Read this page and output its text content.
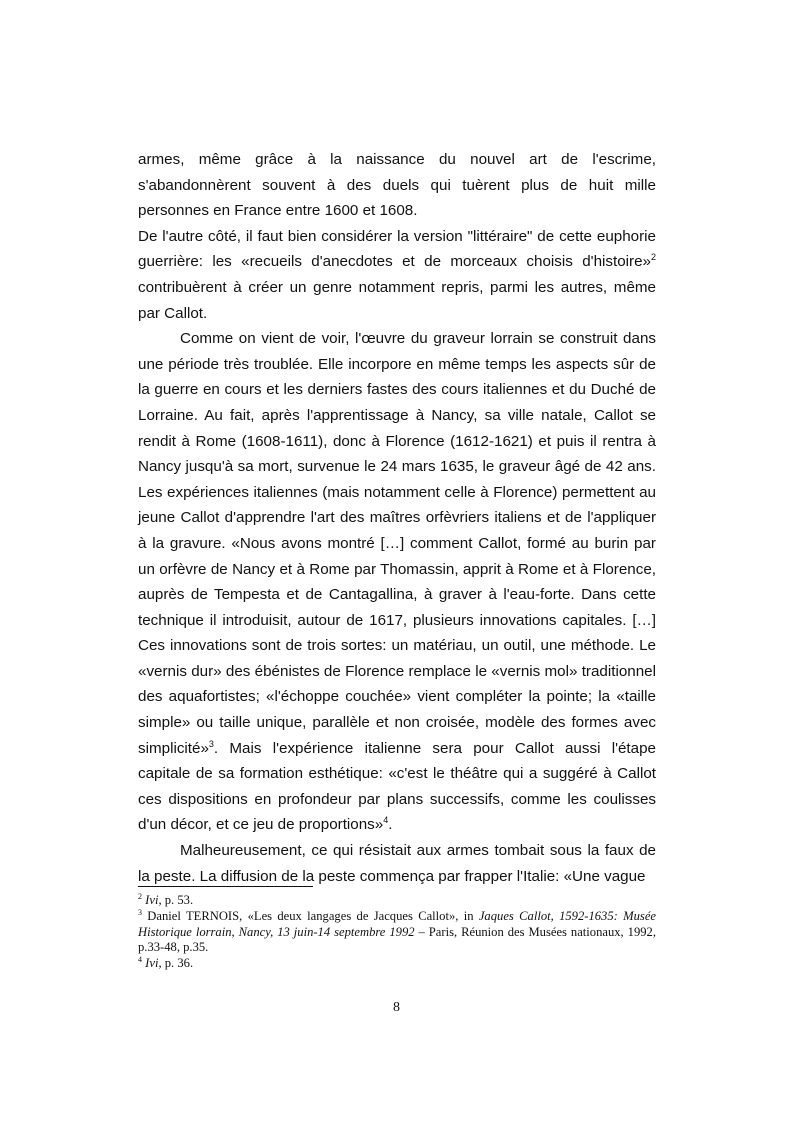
armes, même grâce à la naissance du nouvel art de l'escrime, s'abandonnèrent souvent à des duels qui tuèrent plus de huit mille personnes en France entre 1600 et 1608.

De l'autre côté, il faut bien considérer la version "littéraire" de cette euphorie guerrière: les «recueils d'anecdotes et de morceaux choisis d'histoire»$^2$ contribuèrent à créer un genre notamment repris, parmi les autres, même par Callot.

Comme on vient de voir, l'œuvre du graveur lorrain se construit dans une période très troublée. Elle incorpore en même temps les aspects sûr de la guerre en cours et les derniers fastes des cours italiennes et du Duché de Lorraine. Au fait, après l'apprentissage à Nancy, sa ville natale, Callot se rendit à Rome (1608-1611), donc à Florence (1612-1621) et puis il rentra à Nancy jusqu'à sa mort, survenue le 24 mars 1635, le graveur âgé de 42 ans. Les expériences italiennes (mais notamment celle à Florence) permettent au jeune Callot d'apprendre l'art des maîtres orfèvriers italiens et de l'appliquer à la gravure. «Nous avons montré […] comment Callot, formé au burin par un orfèvre de Nancy et à Rome par Thomassin, apprit à Rome et à Florence, auprès de Tempesta et de Cantagallina, à graver à l'eau-forte. Dans cette technique il introduisit, autour de 1617, plusieurs innovations capitales. […] Ces innovations sont de trois sortes: un matériau, un outil, une méthode. Le «vernis dur» des ébénistes de Florence remplace le «vernis mol» traditionnel des aquafortistes; «l'échoppe couchée» vient compléter la pointe; la «taille simple» ou taille unique, parallèle et non croisée, modèle des formes avec simplicité»$^3$. Mais l'expérience italienne sera pour Callot aussi l'étape capitale de sa formation esthétique: «c'est le théâtre qui a suggéré à Callot ces dispositions en profondeur par plans successifs, comme les coulisses d'un décor, et ce jeu de proportions»$^4$.

Malheureusement, ce qui résistait aux armes tombait sous la faux de la peste. La diffusion de la peste commença par frapper l'Italie: «Une vague

$^2$ Ivi, p. 53.

$^3$ Daniel TERNOIS, «Les deux langages de Jacques Callot», in Jaques Callot, 1592-1635: Musée Historique lorrain, Nancy, 13 juin-14 septembre 1992 – Paris, Réunion des Musées nationaux, 1992, p.33-48, p.35.

$^4$ Ivi, p. 36.

8
